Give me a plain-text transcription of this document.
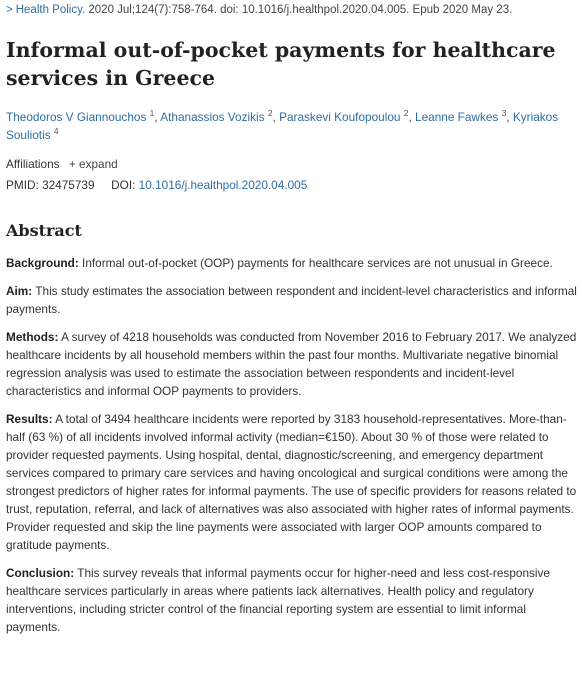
> Health Policy. 2020 Jul;124(7):758-764. doi: 10.1016/j.healthpol.2020.04.005. Epub 2020 May 23.
Informal out-of-pocket payments for healthcare services in Greece
Theodoros V Giannouchos $^1$, Athanassios Vozikis $^2$, Paraskevi Koufopoulou $^2$, Leanne Fawkes $^3$, Kyriakos Souliotis $^4$
Affiliations + expand
PMID: 32475739 DOI: 10.1016/j.healthpol.2020.04.005
Abstract

Background: Informal out-of-pocket (OOP) payments for healthcare services are not unusual in Greece.

Aim: This study estimates the association between respondent and incident-level characteristics and informal payments.

Methods: A survey of 4218 households was conducted from November 2016 to February 2017. We analyzed healthcare incidents by all household members within the past four months. Multivariate negative binomial regression analysis was used to estimate the association between respondents and incident-level characteristics and informal OOP payments to providers.

Results: A total of 3494 healthcare incidents were reported by 3183 household-representatives. More-than-half (63 %) of all incidents involved informal activity (median=€150). About 30 % of those were related to provider requested payments. Using hospital, dental, diagnostic/screening, and emergency department services compared to primary care services and having oncological and surgical conditions were among the strongest predictors of higher rates for informal payments. The use of specific providers for reasons related to trust, reputation, referral, and lack of alternatives was also associated with higher rates of informal payments. Provider requested and skip the line payments were associated with larger OOP amounts compared to gratitude payments.

Conclusion: This survey reveals that informal payments occur for higher-need and less cost-responsive healthcare services particularly in areas where patients lack alternatives. Health policy and regulatory interventions, including stricter control of the financial reporting system are essential to limit informal payments.
